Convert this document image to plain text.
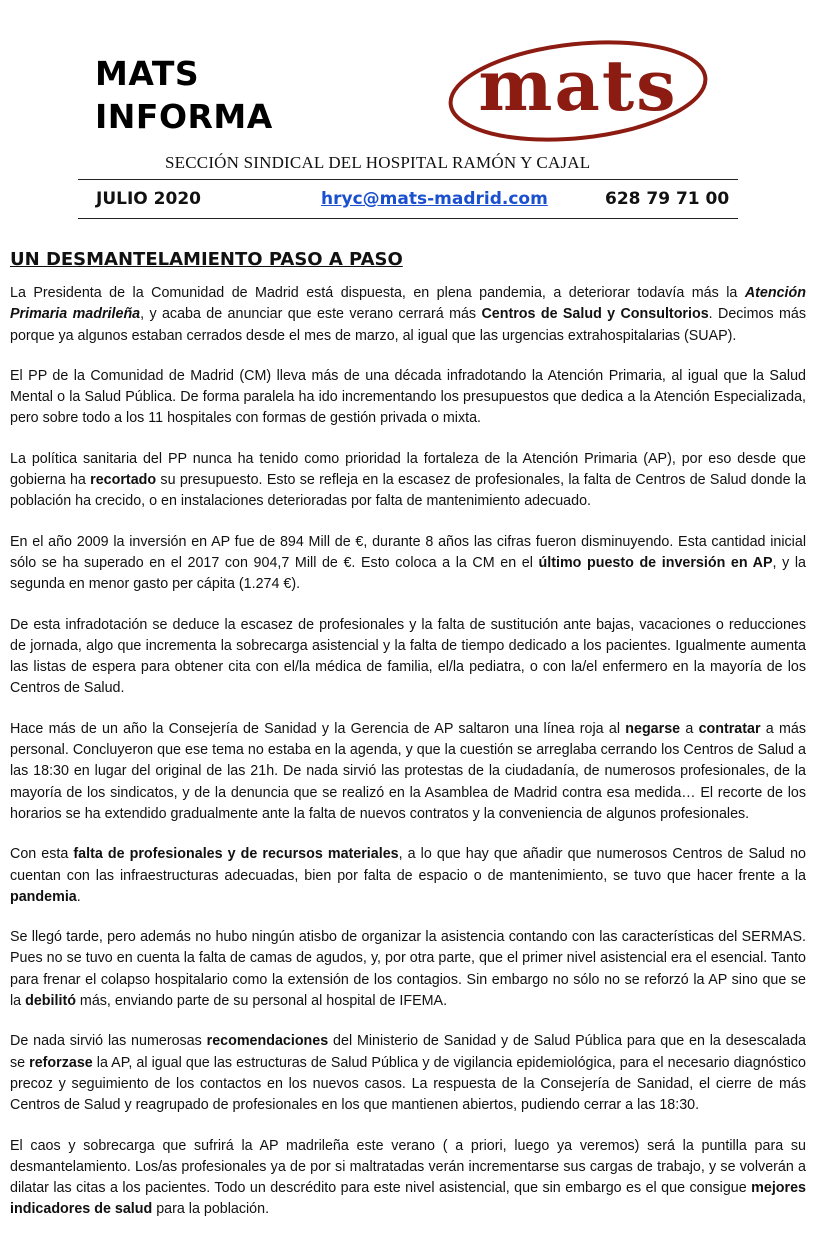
MATS
INFORMA	mats
SECCIÓN SINDICAL DEL HOSPITAL RAMÓN Y CAJAL
JULIO 2020	hryc@mats-madrid.com	628 79 71 00
UN DESMANTELAMIENTO PASO A PASO

La Presidenta de la Comunidad de Madrid está dispuesta, en plena pandemia, a deteriorar todavía más la Atención Primaria madrileña, y acaba de anunciar que este verano cerrará más Centros de Salud y Consultorios. Decimos más porque ya algunos estaban cerrados desde el mes de marzo, al igual que las urgencias extrahospitalarias (SUAP).

El PP de la Comunidad de Madrid (CM) lleva más de una década infradotando la Atención Primaria, al igual que la Salud Mental o la Salud Pública. De forma paralela ha ido incrementando los presupuestos que dedica a la Atención Especializada, pero sobre todo a los 11 hospitales con formas de gestión privada o mixta.

La política sanitaria del PP nunca ha tenido como prioridad la fortaleza de la Atención Primaria (AP), por eso desde que gobierna ha recortado su presupuesto. Esto se refleja en la escasez de profesionales, la falta de Centros de Salud donde la población ha crecido, o en instalaciones deterioradas por falta de mantenimiento adecuado.

En el año 2009 la inversión en AP fue de 894 Mill de €, durante 8 años las cifras fueron disminuyendo. Esta cantidad inicial sólo se ha superado en el 2017 con 904,7 Mill de €. Esto coloca a la CM en el último puesto de inversión en AP, y la segunda en menor gasto per cápita (1.274 €).

De esta infradotación se deduce la escasez de profesionales y la falta de sustitución ante bajas, vacaciones o reducciones de jornada, algo que incrementa la sobrecarga asistencial y la falta de tiempo dedicado a los pacientes. Igualmente aumenta las listas de espera para obtener cita con el/la médica de familia, el/la pediatra, o con la/el enfermero en la mayoría de los Centros de Salud.

Hace más de un año la Consejería de Sanidad y la Gerencia de AP saltaron una línea roja al negarse a contratar a más personal. Concluyeron que ese tema no estaba en la agenda, y que la cuestión se arreglaba cerrando los Centros de Salud a las 18:30 en lugar del original de las 21h. De nada sirvió las protestas de la ciudadanía, de numerosos profesionales, de la mayoría de los sindicatos, y de la denuncia que se realizó en la Asamblea de Madrid contra esa medida… El recorte de los horarios se ha extendido gradualmente ante la falta de nuevos contratos y la conveniencia de algunos profesionales.

Con esta falta de profesionales y de recursos materiales, a lo que hay que añadir que numerosos Centros de Salud no cuentan con las infraestructuras adecuadas, bien por falta de espacio o de mantenimiento, se tuvo que hacer frente a la pandemia.

Se llegó tarde, pero además no hubo ningún atisbo de organizar la asistencia contando con las características del SERMAS. Pues no se tuvo en cuenta la falta de camas de agudos, y, por otra parte, que el primer nivel asistencial era el esencial. Tanto para frenar el colapso hospitalario como la extensión de los contagios. Sin embargo no sólo no se reforzó la AP sino que se la debilitó más, enviando parte de su personal al hospital de IFEMA.

De nada sirvió las numerosas recomendaciones del Ministerio de Sanidad y de Salud Pública para que en la desescalada se reforzase la AP, al igual que las estructuras de Salud Pública y de vigilancia epidemiológica, para el necesario diagnóstico precoz y seguimiento de los contactos en los nuevos casos. La respuesta de la Consejería de Sanidad, el cierre de más Centros de Salud y reagrupado de profesionales en los que mantienen abiertos, pudiendo cerrar a las 18:30.

El caos y sobrecarga que sufrirá la AP madrileña este verano ( a priori, luego ya veremos) será la puntilla para su desmantelamiento. Los/as profesionales ya de por si maltratadas verán incrementarse sus cargas de trabajo, y se volverán a dilatar las citas a los pacientes. Todo un descrédito para este nivel asistencial, que sin embargo es el que consigue mejores indicadores de salud para la población.
